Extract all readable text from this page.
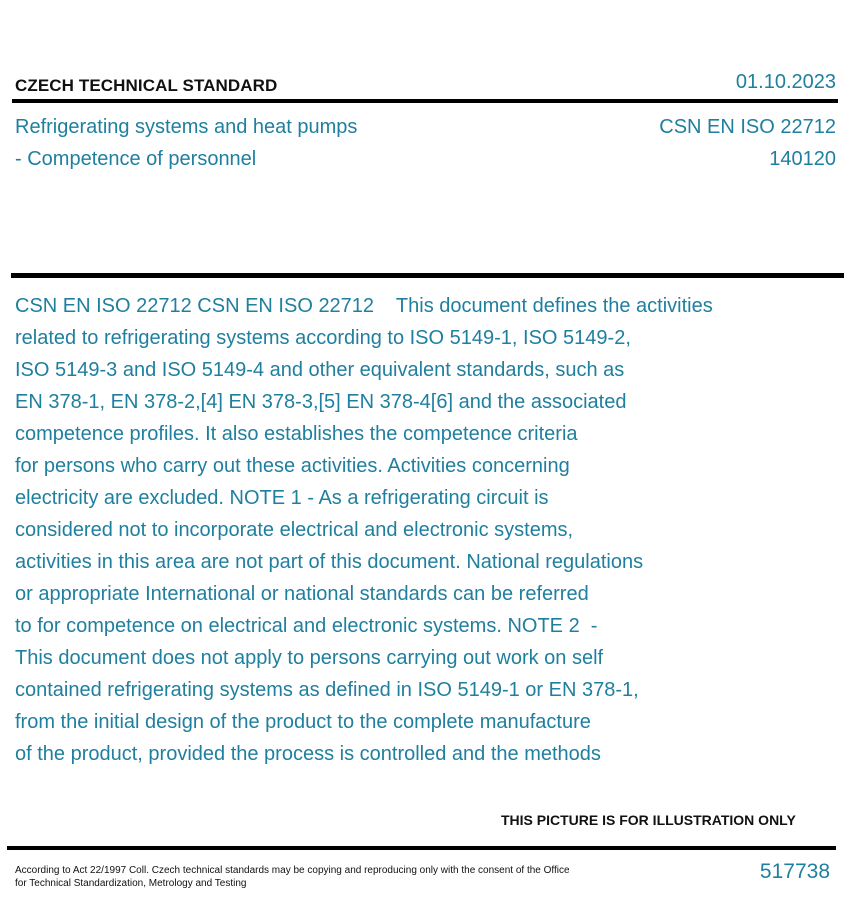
CZECH TECHNICAL STANDARD	01.10.2023
Refrigerating systems and heat pumps
- Competence of personnel
CSN EN ISO 22712
140120
CSN EN ISO 22712 CSN EN ISO 22712    This document defines the activities
related to refrigerating systems according to ISO 5149-1, ISO 5149-2,
ISO 5149-3 and ISO 5149-4 and other equivalent standards, such as
EN 378-1, EN 378-2,[4] EN 378-3,[5] EN 378-4[6] and the associated
competence profiles. It also establishes the competence criteria
for persons who carry out these activities. Activities concerning
electricity are excluded. NOTE 1 - As a refrigerating circuit is
considered not to incorporate electrical and electronic systems,
activities in this area are not part of this document. National regulations
or appropriate International or national standards can be referred
to for competence on electrical and electronic systems. NOTE 2  -
This document does not apply to persons carrying out work on self
contained refrigerating systems as defined in ISO 5149-1 or EN 378-1,
from the initial design of the product to the complete manufacture
of the product, provided the process is controlled and the methods
THIS PICTURE IS FOR ILLUSTRATION ONLY
According to Act 22/1997 Coll. Czech technical standards may be copying and reproducing only with the consent of the Office
for Technical Standardization, Metrology and Testing
517738
